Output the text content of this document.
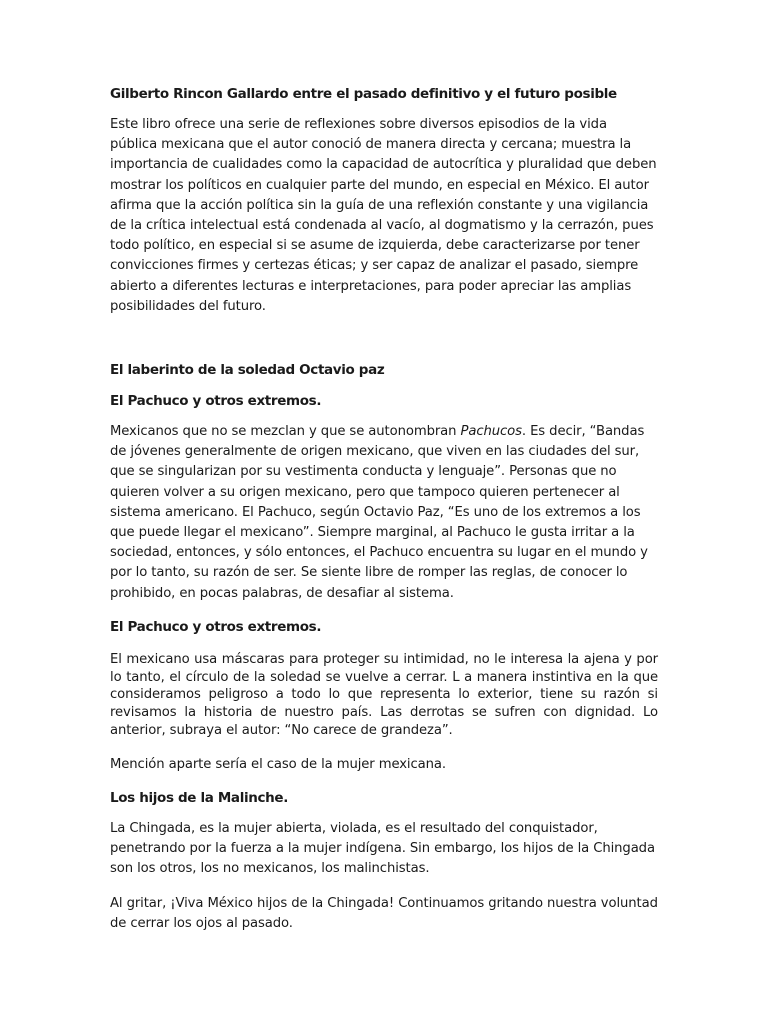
Gilberto Rincon Gallardo entre el pasado definitivo y el futuro posible

Este libro ofrece una serie de reflexiones sobre diversos episodios de la vida pública mexicana que el autor conoció de manera directa y cercana; muestra la importancia de cualidades como la capacidad de autocrítica y pluralidad que deben mostrar los políticos en cualquier parte del mundo, en especial en México. El autor afirma que la acción política sin la guía de una reflexión constante y una vigilancia de la crítica intelectual está condenada al vacío, al dogmatismo y la cerrazón, pues todo político, en especial si se asume de izquierda, debe caracterizarse por tener convicciones firmes y certezas éticas; y ser capaz de analizar el pasado, siempre abierto a diferentes lecturas e interpretaciones, para poder apreciar las amplias posibilidades del futuro.

El laberinto de la soledad Octavio paz
El Pachuco y otros extremos.

Mexicanos que no se mezclan y que se autonombran Pachucos. Es decir, “Bandas de jóvenes generalmente de origen mexicano, que viven en las ciudades del sur, que se singularizan por su vestimenta conducta y lenguaje”. Personas que no quieren volver a su origen mexicano, pero que tampoco quieren pertenecer al sistema americano. El Pachuco, según Octavio Paz, “Es uno de los extremos a los que puede llegar el mexicano”. Siempre marginal, al Pachuco le gusta irritar a la sociedad, entonces, y sólo entonces, el Pachuco encuentra su lugar en el mundo y por lo tanto, su razón de ser. Se siente libre de romper las reglas, de conocer lo prohibido, en pocas palabras, de desafiar al sistema.

El Pachuco y otros extremos.

El mexicano usa máscaras para proteger su intimidad, no le interesa la ajena y por lo tanto, el círculo de la soledad se vuelve a cerrar. L a manera instintiva en la que consideramos peligroso a todo lo que representa lo exterior, tiene su razón si revisamos la historia de nuestro país. Las derrotas se sufren con dignidad. Lo anterior, subraya el autor: “No carece de grandeza”.

Mención aparte sería el caso de la mujer mexicana.

Los hijos de la Malinche.

La Chingada, es la mujer abierta, violada, es el resultado del conquistador, penetrando por la fuerza a la mujer indígena. Sin embargo, los hijos de la Chingada son los otros, los no mexicanos, los malinchistas.

Al gritar, ¡Viva México hijos de la Chingada! Continuamos gritando nuestra voluntad de cerrar los ojos al pasado.
